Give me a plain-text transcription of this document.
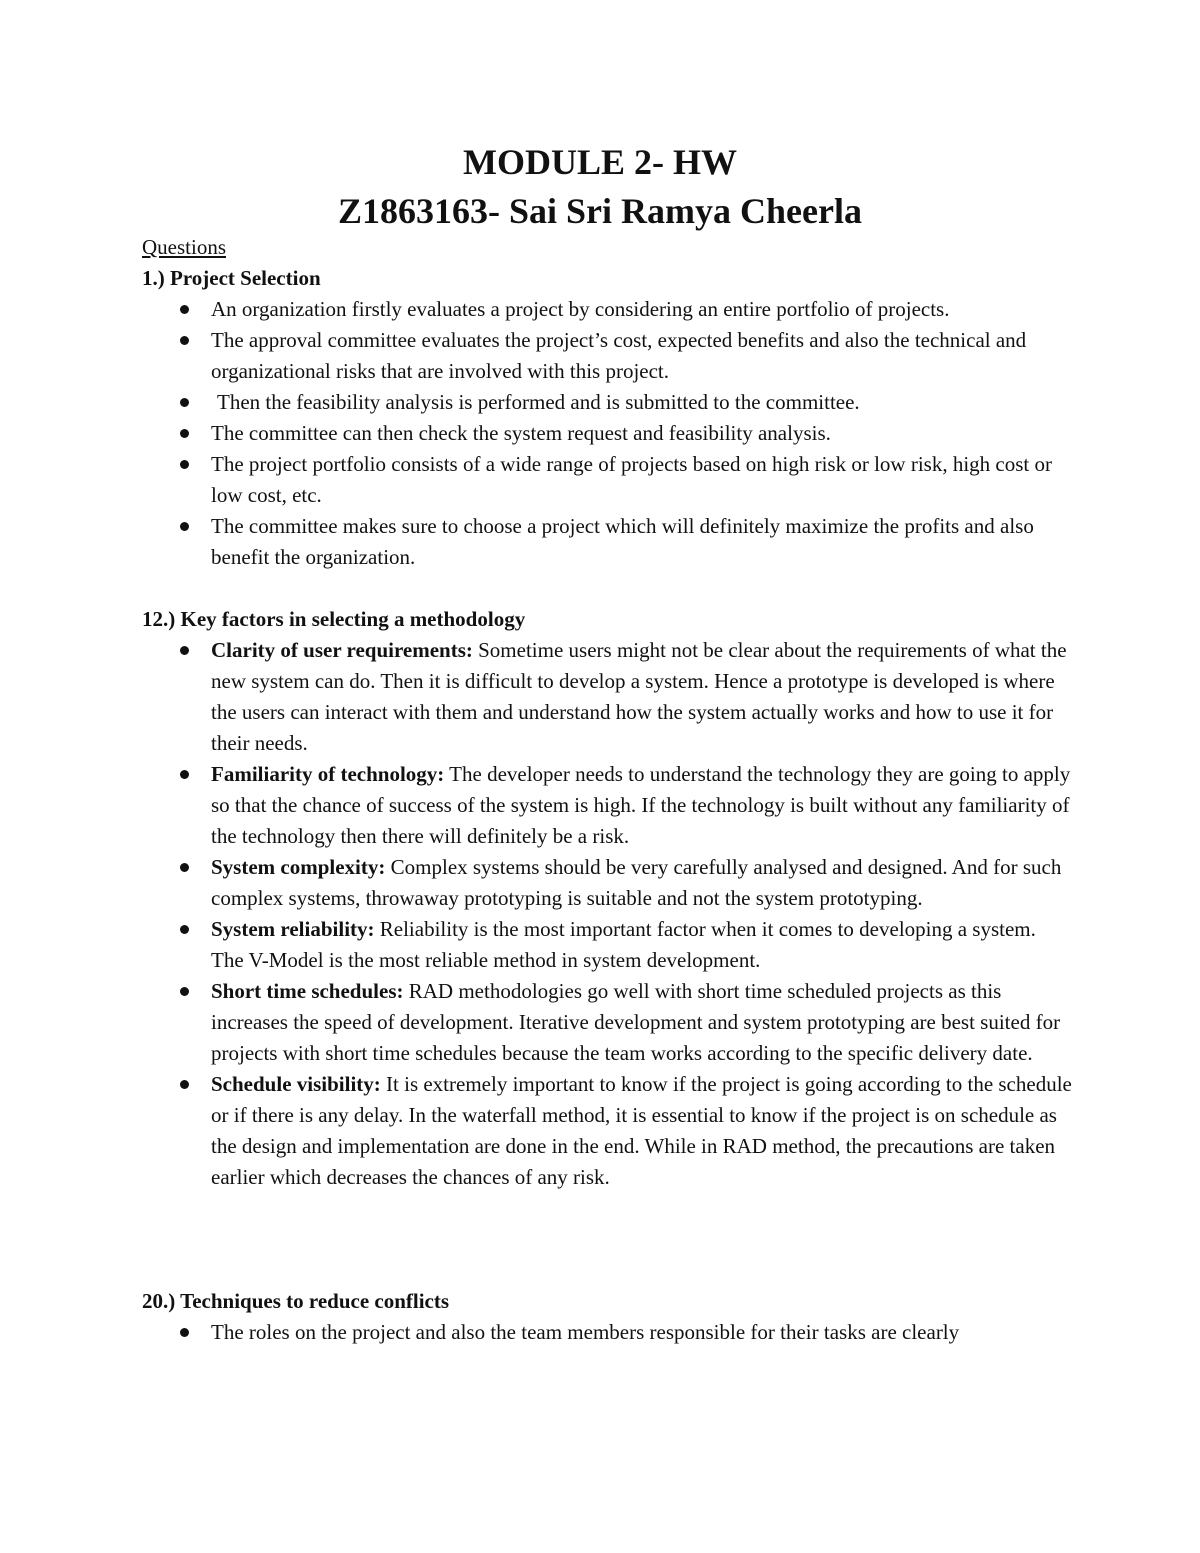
MODULE 2- HW
Z1863163- Sai Sri Ramya Cheerla

Questions

1.) Project Selection

An organization firstly evaluates a project by considering an entire portfolio of projects.
The approval committee evaluates the project’s cost, expected benefits and also the technical and organizational risks that are involved with this project.
Then the feasibility analysis is performed and is submitted to the committee.
The committee can then check the system request and feasibility analysis.
The project portfolio consists of a wide range of projects based on high risk or low risk, high cost or low cost, etc.
The committee makes sure to choose a project which will definitely maximize the profits and also benefit the organization.

12.) Key factors in selecting a methodology

Clarity of user requirements: Sometime users might not be clear about the requirements of what the new system can do. Then it is difficult to develop a system. Hence a prototype is developed is where the users can interact with them and understand how the system actually works and how to use it for their needs.
Familiarity of technology: The developer needs to understand the technology they are going to apply so that the chance of success of the system is high. If the technology is built without any familiarity of the technology then there will definitely be a risk.
System complexity: Complex systems should be very carefully analysed and designed. And for such complex systems, throwaway prototyping is suitable and not the system prototyping.
System reliability: Reliability is the most important factor when it comes to developing a system. The V-Model is the most reliable method in system development.
Short time schedules: RAD methodologies go well with short time scheduled projects as this increases the speed of development. Iterative development and system prototyping are best suited for projects with short time schedules because the team works according to the specific delivery date.
Schedule visibility: It is extremely important to know if the project is going according to the schedule or if there is any delay. In the waterfall method, it is essential to know if the project is on schedule as the design and implementation are done in the end. While in RAD method, the precautions are taken earlier which decreases the chances of any risk.

20.) Techniques to reduce conflicts

The roles on the project and also the team members responsible for their tasks are clearly
